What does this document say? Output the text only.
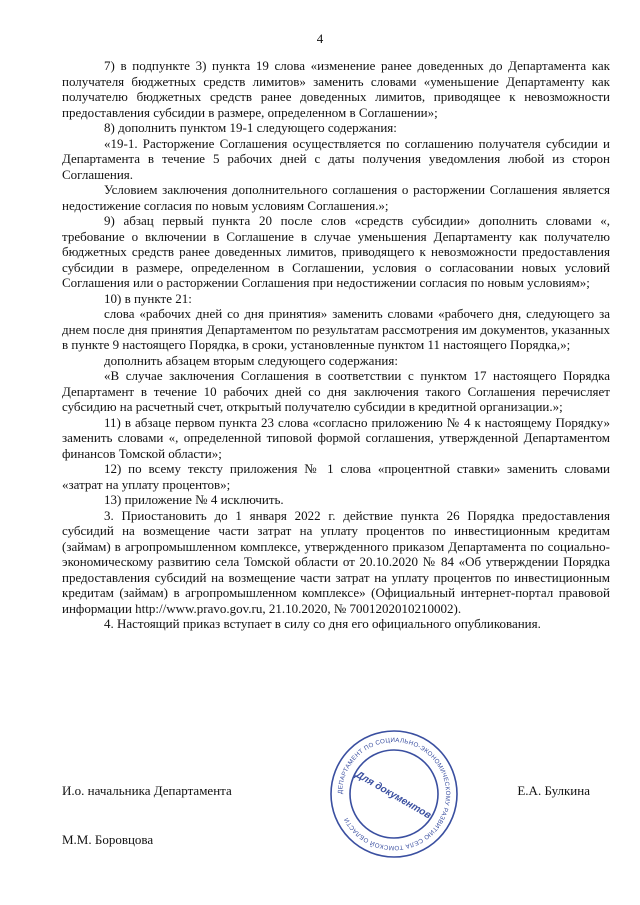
4

7) в подпункте 3) пункта 19 слова «изменение ранее доведенных до Департамента как получателя бюджетных средств лимитов» заменить словами «уменьшение Департаменту как получателю бюджетных средств ранее доведенных лимитов, приводящее к невозможности предоставления субсидии в размере, определенном в Соглашении»;

8) дополнить пунктом 19-1 следующего содержания:

«19-1. Расторжение Соглашения осуществляется по соглашению получателя субсидии и Департамента в течение 5 рабочих дней с даты получения уведомления любой из сторон Соглашения.

Условием заключения дополнительного соглашения о расторжении Соглашения является недостижение согласия по новым условиям Соглашения.»;

9) абзац первый пункта 20 после слов «средств субсидии» дополнить словами «, требование о включении в Соглашение в случае уменьшения Департаменту как получателю бюджетных средств ранее доведенных лимитов, приводящего к невозможности предоставления субсидии в размере, определенном в Соглашении, условия о согласовании новых условий Соглашения или о расторжении Соглашения при недостижении согласия по новым условиям»;

10) в пункте 21:

слова «рабочих дней со дня принятия» заменить словами «рабочего дня, следующего за днем после дня принятия Департаментом по результатам рассмотрения им документов, указанных в пункте 9 настоящего Порядка, в сроки, установленные пунктом 11 настоящего Порядка,»;

дополнить абзацем вторым следующего содержания:

«В случае заключения Соглашения в соответствии с пунктом 17 настоящего Порядка Департамент в течение 10 рабочих дней со дня заключения такого Соглашения перечисляет субсидию на расчетный счет, открытый получателю субсидии в кредитной организации.»;

11) в абзаце первом пункта 23 слова «согласно приложению № 4 к настоящему Порядку» заменить словами «, определенной типовой формой соглашения, утвержденной Департаментом финансов Томской области»;

12) по всему тексту приложения № 1 слова «процентной ставки» заменить словами «затрат на уплату процентов»;

13) приложение № 4 исключить.

3. Приостановить до 1 января 2022 г. действие пункта 26 Порядка предоставления субсидий на возмещение части затрат на уплату процентов по инвестиционным кредитам (займам) в агропромышленном комплексе, утвержденного приказом Департамента по социально-экономическому развитию села Томской области от 20.10.2020 № 84 «Об утверждении Порядка предоставления субсидий на возмещение части затрат на уплату процентов по инвестиционным кредитам (займам) в агропромышленном комплексе» (Официальный интернет-портал правовой информации http://www.pravo.gov.ru, 21.10.2020, № 7001202010210002).

4. Настоящий приказ вступает в силу со дня его официального опубликования.

ДЕПАРТАМЕНТ ПО СОЦИАЛЬНО-ЭКОНОМИЧЕСКОМУ РАЗВИТИЮ СЕЛА ТОМСКОЙ ОБЛАСТИ Для документов
И.о. начальника Департамента	Е.А. Булкина
М.М. Боровцова
